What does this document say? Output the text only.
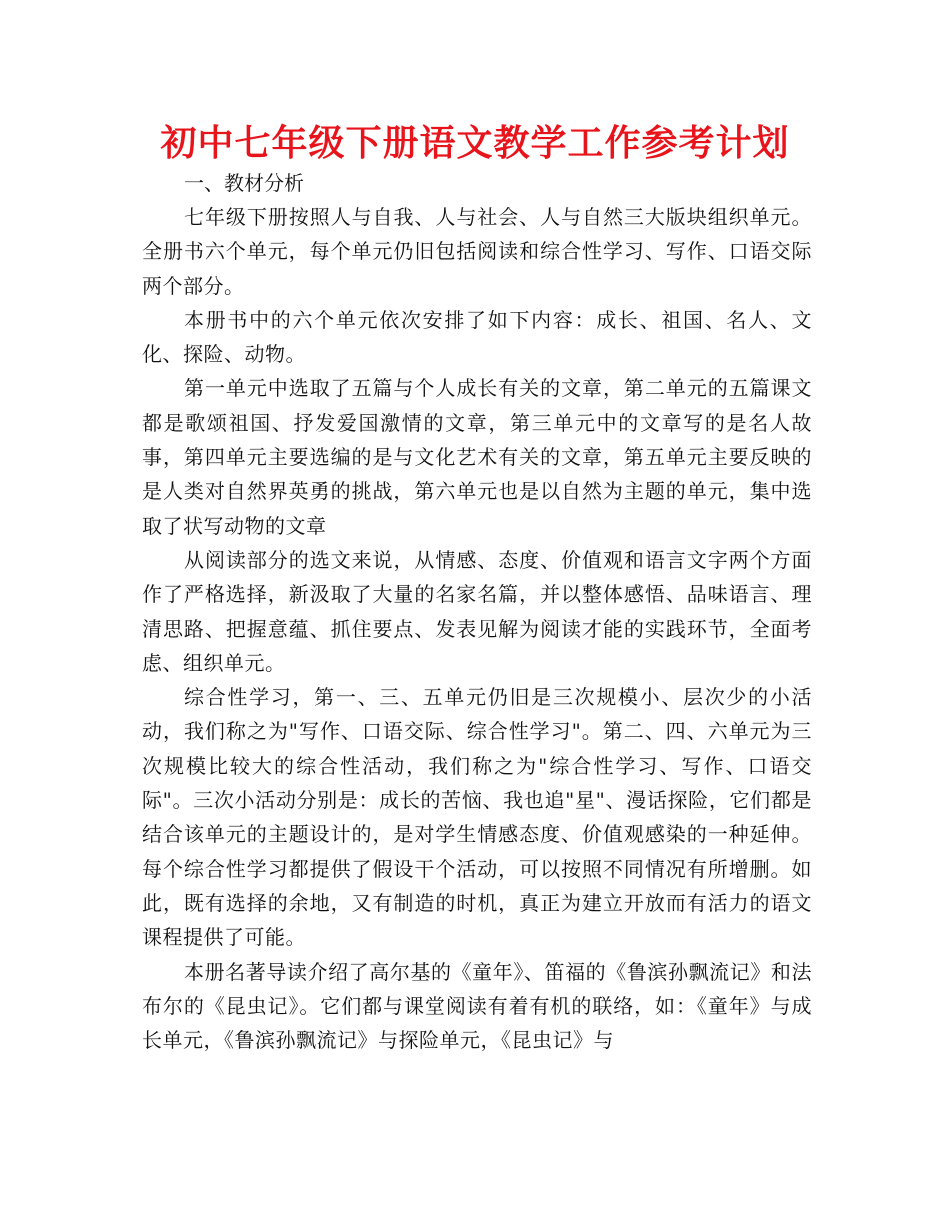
初中七年级下册语文教学工作参考计划

一、教材分析

七年级下册按照人与自我、人与社会、人与自然三大版块组织单元。全册书六个单元，每个单元仍旧包括阅读和综合性学习、写作、口语交际两个部分。

本册书中的六个单元依次安排了如下内容：成长、祖国、名人、文化、探险、动物。

第一单元中选取了五篇与个人成长有关的文章，第二单元的五篇课文都是歌颂祖国、抒发爱国激情的文章，第三单元中的文章写的是名人故事，第四单元主要选编的是与文化艺术有关的文章，第五单元主要反映的是人类对自然界英勇的挑战，第六单元也是以自然为主题的单元，集中选取了状写动物的文章

从阅读部分的选文来说，从情感、态度、价值观和语言文字两个方面作了严格选择，新汲取了大量的名家名篇，并以整体感悟、品味语言、理清思路、把握意蕴、抓住要点、发表见解为阅读才能的实践环节，全面考虑、组织单元。

综合性学习，第一、三、五单元仍旧是三次规模小、层次少的小活动，我们称之为"写作、口语交际、综合性学习"。第二、四、六单元为三次规模比较大的综合性活动，我们称之为"综合性学习、写作、口语交际"。三次小活动分别是：成长的苦恼、我也追"星"、漫话探险，它们都是结合该单元的主题设计的，是对学生情感态度、价值观感染的一种延伸。每个综合性学习都提供了假设干个活动，可以按照不同情况有所增删。如此，既有选择的余地，又有制造的时机，真正为建立开放而有活力的语文课程提供了可能。

本册名著导读介绍了高尔基的《童年》、笛福的《鲁滨孙飘流记》和法布尔的《昆虫记》。它们都与课堂阅读有着有机的联络，如：《童年》与成长单元，《鲁滨孙飘流记》与探险单元，《昆虫记》与
